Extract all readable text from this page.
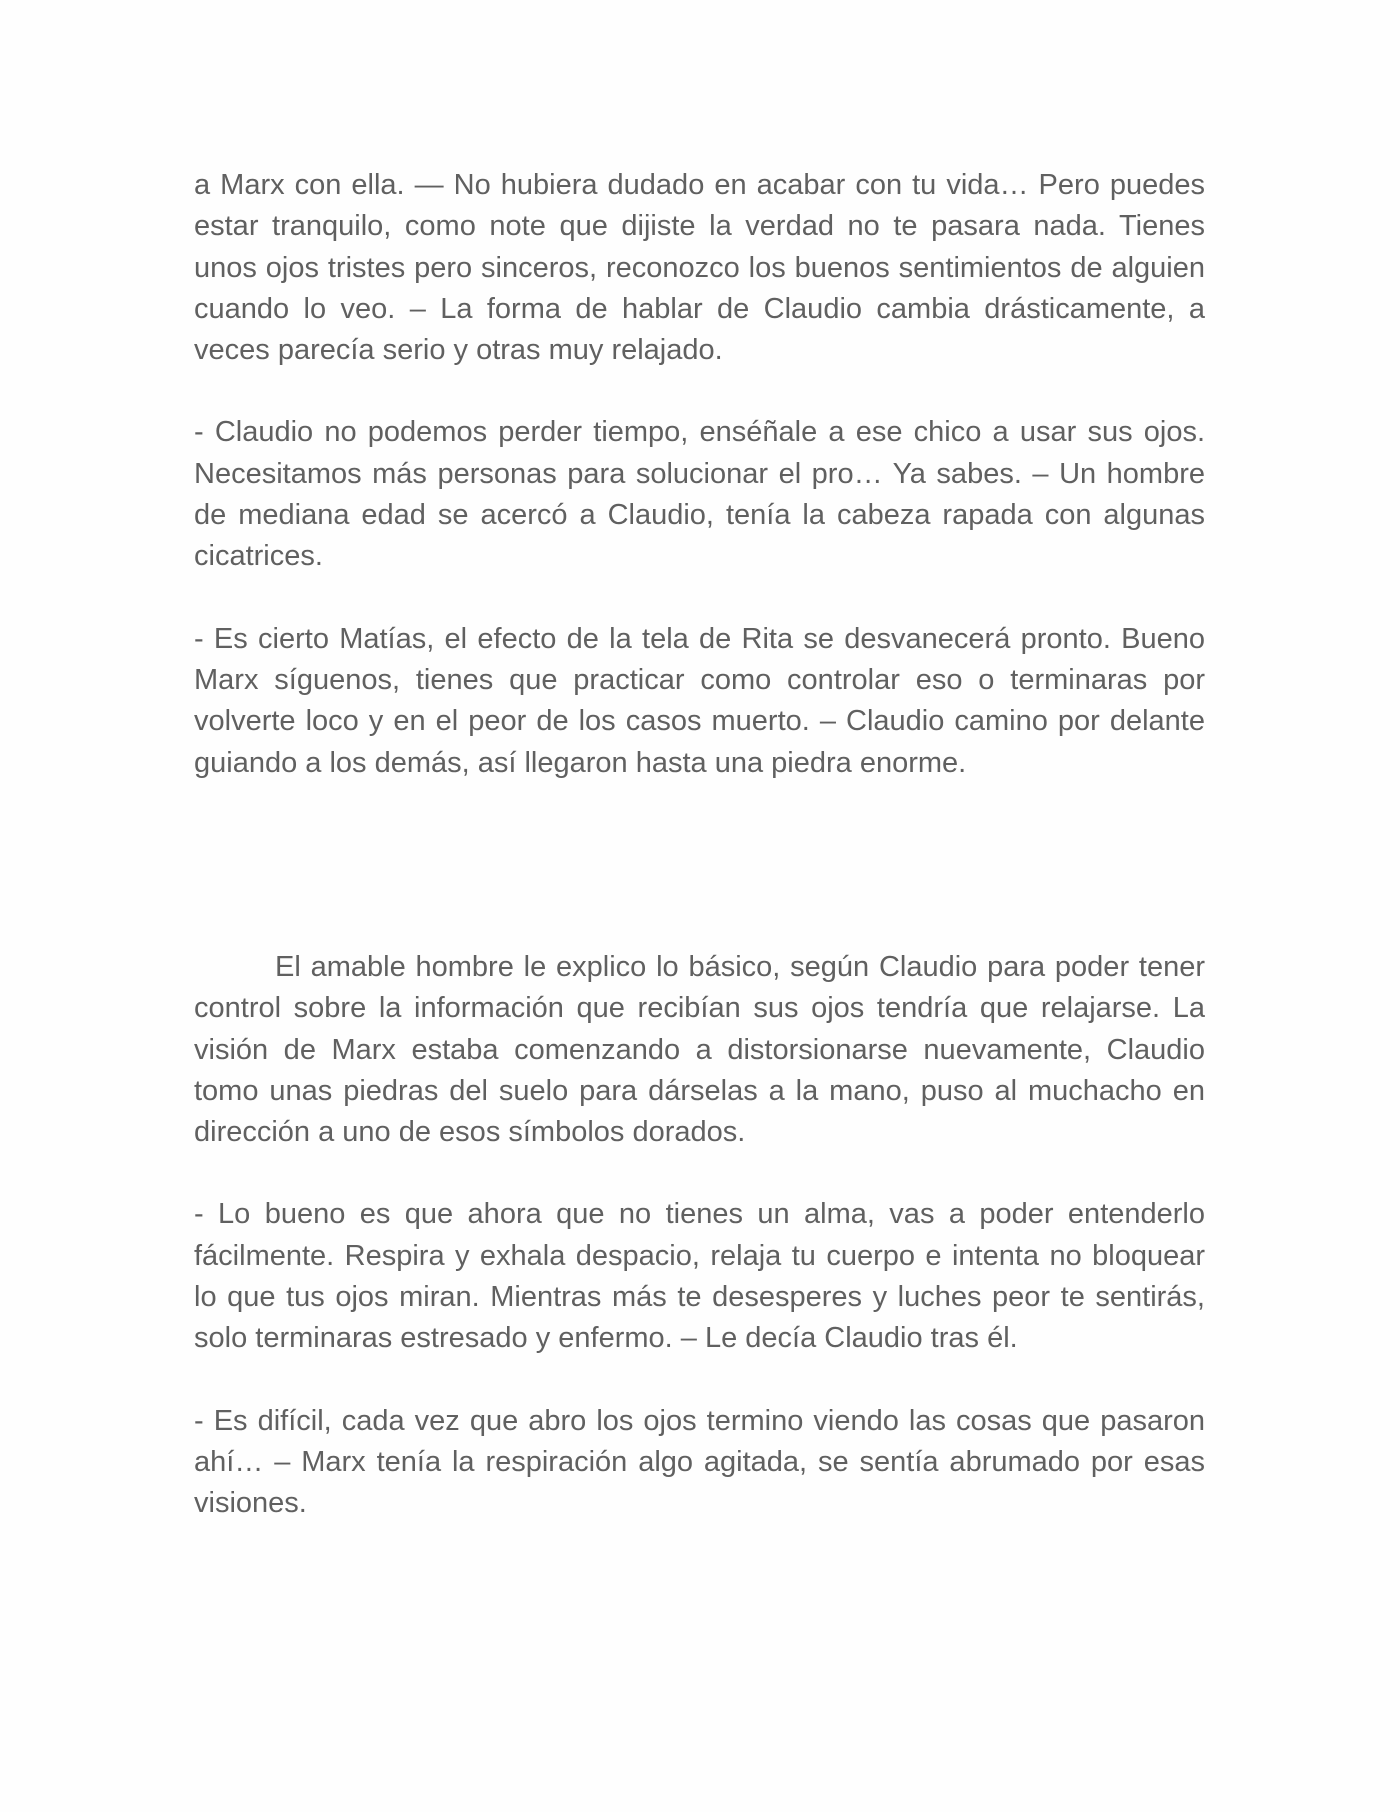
a Marx con ella. — No hubiera dudado en acabar con tu vida… Pero puedes estar tranquilo, como note que dijiste la verdad no te pasara nada. Tienes unos ojos tristes pero sinceros, reconozco los buenos sentimientos de alguien cuando lo veo. – La forma de hablar de Claudio cambia drásticamente, a veces parecía serio y otras muy relajado.

- Claudio no podemos perder tiempo, enséñale a ese chico a usar sus ojos. Necesitamos más personas para solucionar el pro… Ya sabes. – Un hombre de mediana edad se acercó a Claudio, tenía la cabeza rapada con algunas cicatrices.

- Es cierto Matías, el efecto de la tela de Rita se desvanecerá pronto. Bueno Marx síguenos, tienes que practicar como controlar eso o terminaras por volverte loco y en el peor de los casos muerto. – Claudio camino por delante guiando a los demás, así llegaron hasta una piedra enorme.

El amable hombre le explico lo básico, según Claudio para poder tener control sobre la información que recibían sus ojos tendría que relajarse. La visión de Marx estaba comenzando a distorsionarse nuevamente, Claudio tomo unas piedras del suelo para dárselas a la mano, puso al muchacho en dirección a uno de esos símbolos dorados.

- Lo bueno es que ahora que no tienes un alma, vas a poder entenderlo fácilmente. Respira y exhala despacio, relaja tu cuerpo e intenta no bloquear lo que tus ojos miran. Mientras más te desesperes y luches peor te sentirás, solo terminaras estresado y enfermo. – Le decía Claudio tras él.

- Es difícil, cada vez que abro los ojos termino viendo las cosas que pasaron ahí… – Marx tenía la respiración algo agitada, se sentía abrumado por esas visiones.
